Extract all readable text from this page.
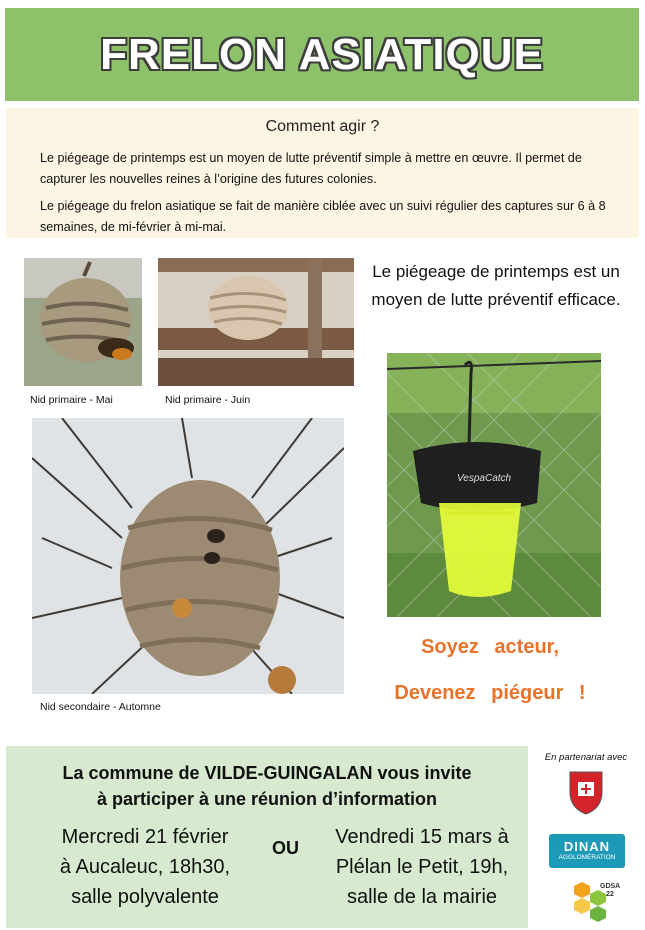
FRELON ASIATIQUE
Comment agir ?

Le piégeage de printemps est un moyen de lutte préventif simple à mettre en œuvre. Il permet de capturer les nouvelles reines à l’origine des futures colonies.

Le piégeage du frelon asiatique se fait de manière ciblée avec un suivi régulier des captures sur 6 à 8 semaines, de mi-février à mi-mai.

Nid primaire - Mai	Nid primaire - Juin
Nid secondaire - Automne
Le piégeage de printemps est un moyen de lutte préventif efficace.
VespaCatch
Soyez acteur,
Devenez piégeur !
La commune de VILDE-GUINGALAN vous invite
à participer à une réunion d’information
Mercredi 21 février
à Aucaleuc, 18h30,
salle polyvalente
OU	Vendredi 15 mars à
Plélan le Petit, 19h,
salle de la mairie
En partenariat avec
DINAN
AGGLOMÉRATION
GDSA
22
